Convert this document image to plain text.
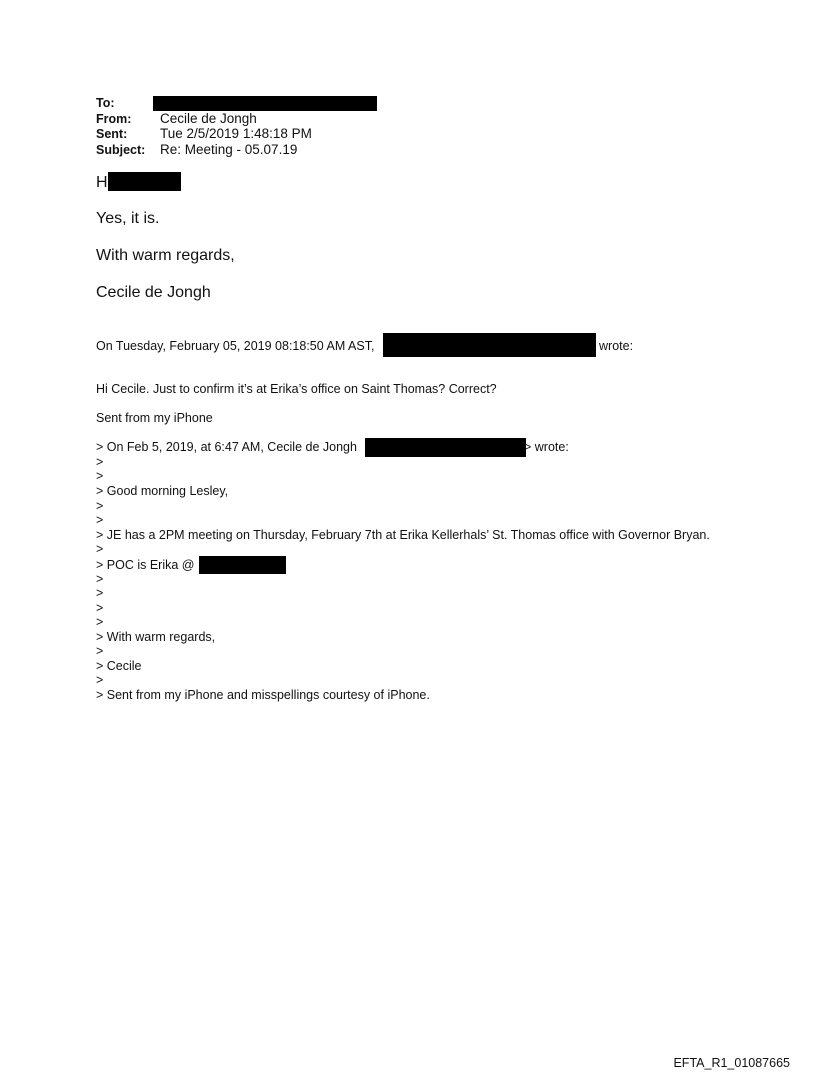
To:
From: Cecile de Jongh
Sent: Tue 2/5/2019 1:48:18 PM
Subject: Re: Meeting - 05.07.19
H
Yes, it is.
With warm regards,
Cecile de Jongh
On Tuesday, February 05, 2019 08:18:50 AM AST,	wrote:
Hi Cecile. Just to confirm it’s at Erika’s office on Saint Thomas? Correct?
Sent from my iPhone
> On Feb 5, 2019, at 6:47 AM, Cecile de Jongh	> wrote:
>
>
> Good morning Lesley,
>
>
> JE has a 2PM meeting on Thursday, February 7th at Erika Kellerhals’ St. Thomas office with Governor Bryan.
>
> POC is Erika @
>
>
>
>
> With warm regards,
>
> Cecile
>
> Sent from my iPhone and misspellings courtesy of iPhone.
EFTA_R1_01087665
